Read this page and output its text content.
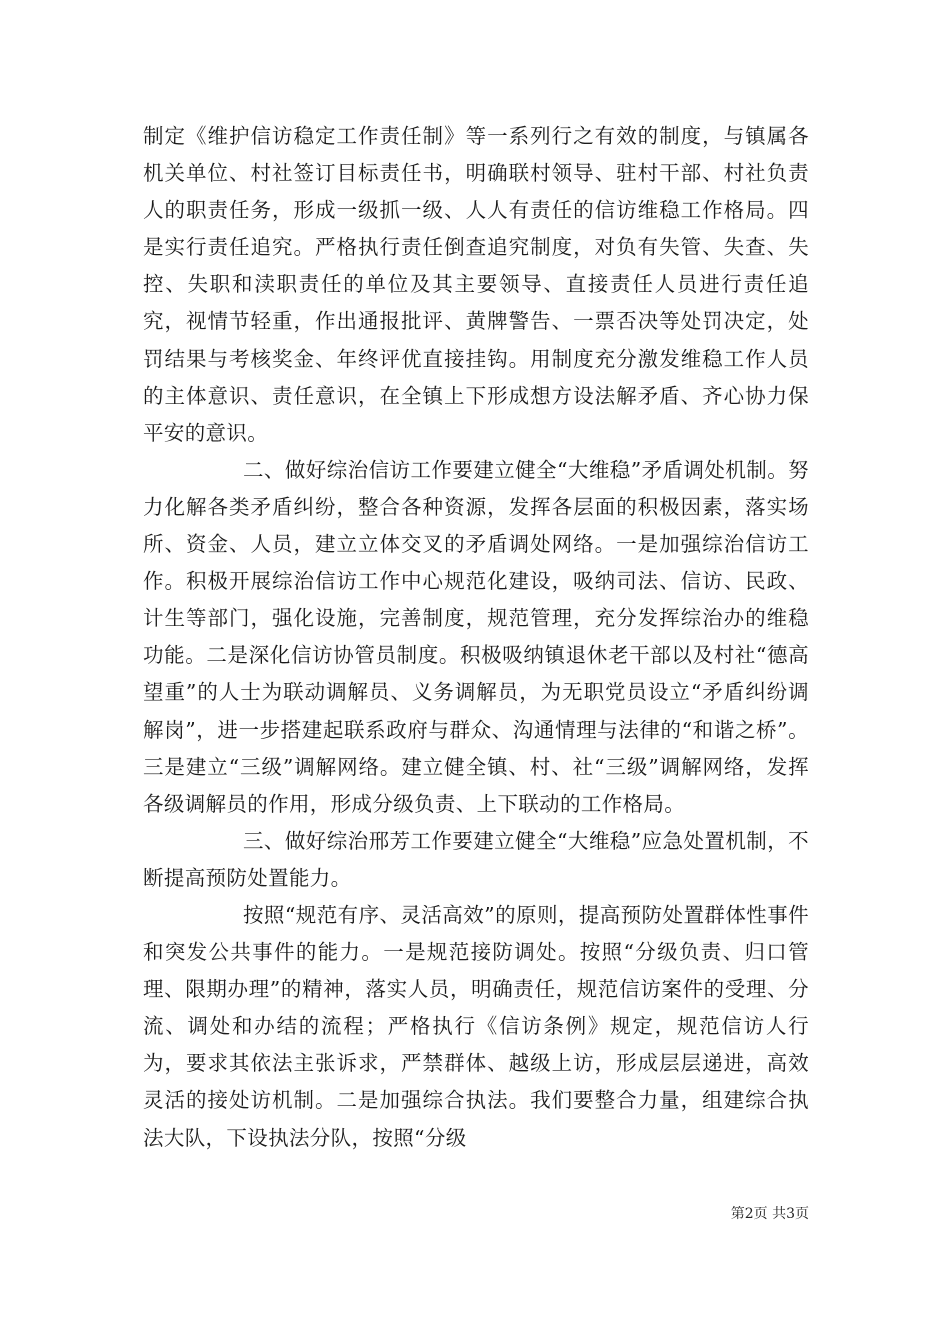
制定《维护信访稳定工作责任制》等一系列行之有效的制度，与镇属各机关单位、村社签订目标责任书，明确联村领导、驻村干部、村社负责人的职责任务，形成一级抓一级、人人有责任的信访维稳工作格局。四是实行责任追究。严格执行责任倒查追究制度，对负有失管、失查、失控、失职和渎职责任的单位及其主要领导、直接责任人员进行责任追究，视情节轻重，作出通报批评、黄牌警告、一票否决等处罚决定，处罚结果与考核奖金、年终评优直接挂钩。用制度充分激发维稳工作人员的主体意识、责任意识，在全镇上下形成想方设法解矛盾、齐心协力保平安的意识。

二、做好综治信访工作要建立健全“大维稳”矛盾调处机制。努力化解各类矛盾纠纷，整合各种资源，发挥各层面的积极因素，落实场所、资金、人员，建立立体交叉的矛盾调处网络。一是加强综治信访工作。积极开展综治信访工作中心规范化建设，吸纳司法、信访、民政、计生等部门，强化设施，完善制度，规范管理，充分发挥综治办的维稳功能。二是深化信访协管员制度。积极吸纳镇退休老干部以及村社“德高望重”的人士为联动调解员、义务调解员，为无职党员设立“矛盾纠纷调解岗”，进一步搭建起联系政府与群众、沟通情理与法律的“和谐之桥”。三是建立“三级”调解网络。建立健全镇、村、社“三级”调解网络，发挥各级调解员的作用，形成分级负责、上下联动的工作格局。

三、做好综治邢芳工作要建立健全“大维稳”应急处置机制，不断提高预防处置能力。

按照“规范有序、灵活高效”的原则，提高预防处置群体性事件和突发公共事件的能力。一是规范接防调处。按照“分级负责、归口管理、限期办理”的精神，落实人员，明确责任，规范信访案件的受理、分流、调处和办结的流程；严格执行《信访条例》规定，规范信访人行为，要求其依法主张诉求，严禁群体、越级上访，形成层层递进，高效灵活的接处访机制。二是加强综合执法。我们要整合力量，组建综合执法大队，下设执法分队，按照“分级

第2页 共3页
